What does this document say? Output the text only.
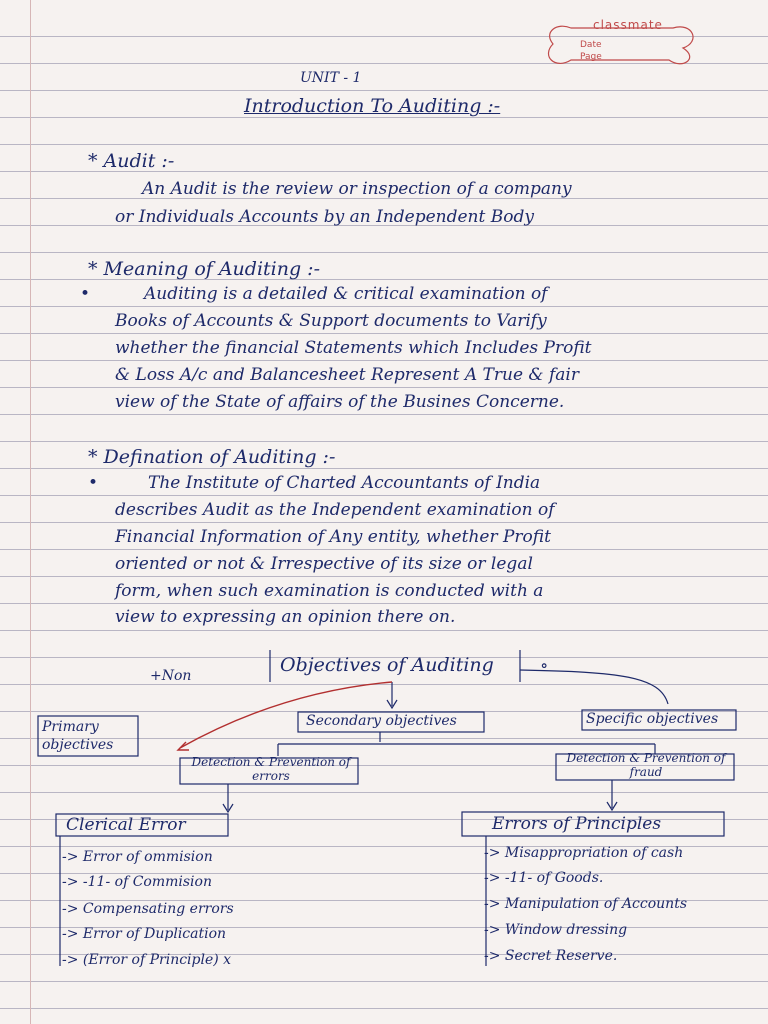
classmate
Date
Page
UNIT - 1
Introduction To Auditing :-
* Audit :-
An Audit is the review or inspection of a company
or Individuals Accounts by an Independent Body
* Meaning of Auditing :-
•	Auditing is a detailed & critical examination of
Books of Accounts & Support documents to Varify
whether the financial Statements which Includes Profit
& Loss A/c and Balancesheet Represent A True & fair
view of the State of affairs of the Busines Concerne.
* Defination of Auditing :-
•	The Institute of Charted Accountants of India
describes Audit as the Independent examination of
Financial Information of Any entity, whether Profit
oriented or not & Irrespective of its size or legal
form, when such examination is conducted with a
view to expressing an opinion there on.
+Non	Objectives of Auditing	∘
Primary objectives
Secondary objectives	Specific objectives
Detection & Prevention of errors
Detection & Prevention of fraud
Clerical Error	Errors of Principles
-> Error of ommision
-> -11- of Commision
-> Compensating errors
-> Error of Duplication
-> (Error of Principle) x
-> Misappropriation of cash
-> -11- of Goods.
-> Manipulation of Accounts
-> Window dressing
-> Secret Reserve.
